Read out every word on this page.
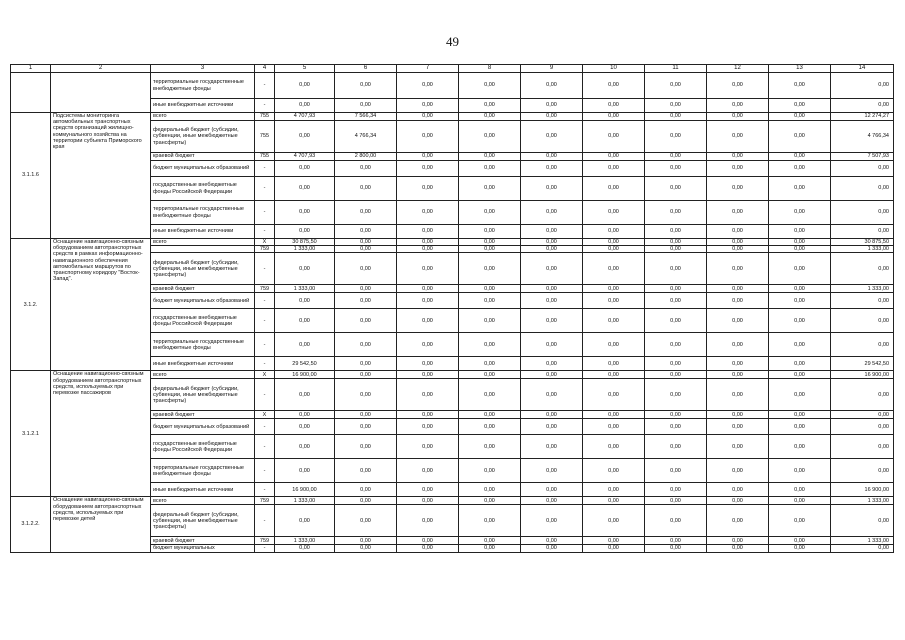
49
1	2	3	4	5	6	7	8	9	10	11	12	13	14
		территориальные государственные внебюджетные фонды	-	0,00	0,00	0,00	0,00	0,00	0,00	0,00	0,00	0,00	0,00
		иные внебюджетные источники	-	0,00	0,00	0,00	0,00	0,00	0,00	0,00	0,00	0,00	0,00
3.1.1.6	Подсистемы мониторинга автомобильных транспортных средств организаций жилищно-коммунального хозяйства на территории субъекта Приморского края	всего	755	4 707,93	7 566,34	0,00	0,00	0,00	0,00	0,00	0,00	0,00	12 274,27
		федеральный бюджет (субсидии, субвенции, иные межбюджетные трансферты)	755	0,00	4 766,34	0,00	0,00	0,00	0,00	0,00	0,00	0,00	4 766,34
		краевой бюджет	755	4 707,93	2 800,00	0,00	0,00	0,00	0,00	0,00	0,00	0,00	7 507,93
		бюджет муниципальных образований	-	0,00	0,00	0,00	0,00	0,00	0,00	0,00	0,00	0,00	0,00
		государственные внебюджетные фонды Российской Федерации	-	0,00	0,00	0,00	0,00	0,00	0,00	0,00	0,00	0,00	0,00
		территориальные государственные внебюджетные фонды	-	0,00	0,00	0,00	0,00	0,00	0,00	0,00	0,00	0,00	0,00
		иные внебюджетные источники	-	0,00	0,00	0,00	0,00	0,00	0,00	0,00	0,00	0,00	0,00
3.1.2.	Оснащение навигационно-связным оборудованием автотранспортных средств в рамках информационно-навигационного обеспечения автомобильных маршрутов по транспортному коридору "Восток- Запад".	всего	X	30 875,50	0,00	0,00	0,00	0,00	0,00	0,00	0,00	0,00	30 875,50
			759	1 333,00	0,00	0,00	0,00	0,00	0,00	0,00	0,00	0,00	1 333,00
		федеральный бюджет (субсидии, субвенции, иные межбюджетные трансферты)	-	0,00	0,00	0,00	0,00	0,00	0,00	0,00	0,00	0,00	0,00
		краевой бюджет	759	1 333,00	0,00	0,00	0,00	0,00	0,00	0,00	0,00	0,00	1 333,00
		бюджет муниципальных образований	-	0,00	0,00	0,00	0,00	0,00	0,00	0,00	0,00	0,00	0,00
		государственные внебюджетные фонды Российской Федерации	-	0,00	0,00	0,00	0,00	0,00	0,00	0,00	0,00	0,00	0,00
		территориальные государственные внебюджетные фонды	-	0,00	0,00	0,00	0,00	0,00	0,00	0,00	0,00	0,00	0,00
		иные внебюджетные источники	-	29 542,50	0,00	0,00	0,00	0,00	0,00	0,00	0,00	0,00	29 542,50
3.1.2.1	Оснащение навигационно-связным оборудованием автотранспортных средств, используемых при перевозке пассажиров	всего	X	16 900,00	0,00	0,00	0,00	0,00	0,00	0,00	0,00	0,00	16 900,00
		федеральный бюджет (субсидии, субвенции, иные межбюджетные трансферты)	-	0,00	0,00	0,00	0,00	0,00	0,00	0,00	0,00	0,00	0,00
		краевой бюджет	X	0,00	0,00	0,00	0,00	0,00	0,00	0,00	0,00	0,00	0,00
		бюджет муниципальных образований	-	0,00	0,00	0,00	0,00	0,00	0,00	0,00	0,00	0,00	0,00
		государственные внебюджетные фонды Российской Федерации	-	0,00	0,00	0,00	0,00	0,00	0,00	0,00	0,00	0,00	0,00
		территориальные государственные внебюджетные фонды	-	0,00	0,00	0,00	0,00	0,00	0,00	0,00	0,00	0,00	0,00
		иные внебюджетные источники	-	16 900,00	0,00	0,00	0,00	0,00	0,00	0,00	0,00	0,00	16 900,00
3.1.2.2.	Оснащение навигационно-связным оборудованием автотранспортных средств, используемых при перевозке детей	всего	759	1 333,00	0,00	0,00	0,00	0,00	0,00	0,00	0,00	0,00	1 333,00
		федеральный бюджет (субсидии, субвенции, иные межбюджетные трансферты)	-	0,00	0,00	0,00	0,00	0,00	0,00	0,00	0,00	0,00	0,00
		краевой бюджет	759	1 333,00	0,00	0,00	0,00	0,00	0,00	0,00	0,00	0,00	1 333,00
		бюджет муниципальных	-	0,00	0,00	0,00	0,00	0,00	0,00	0,00	0,00	0,00	0,00
